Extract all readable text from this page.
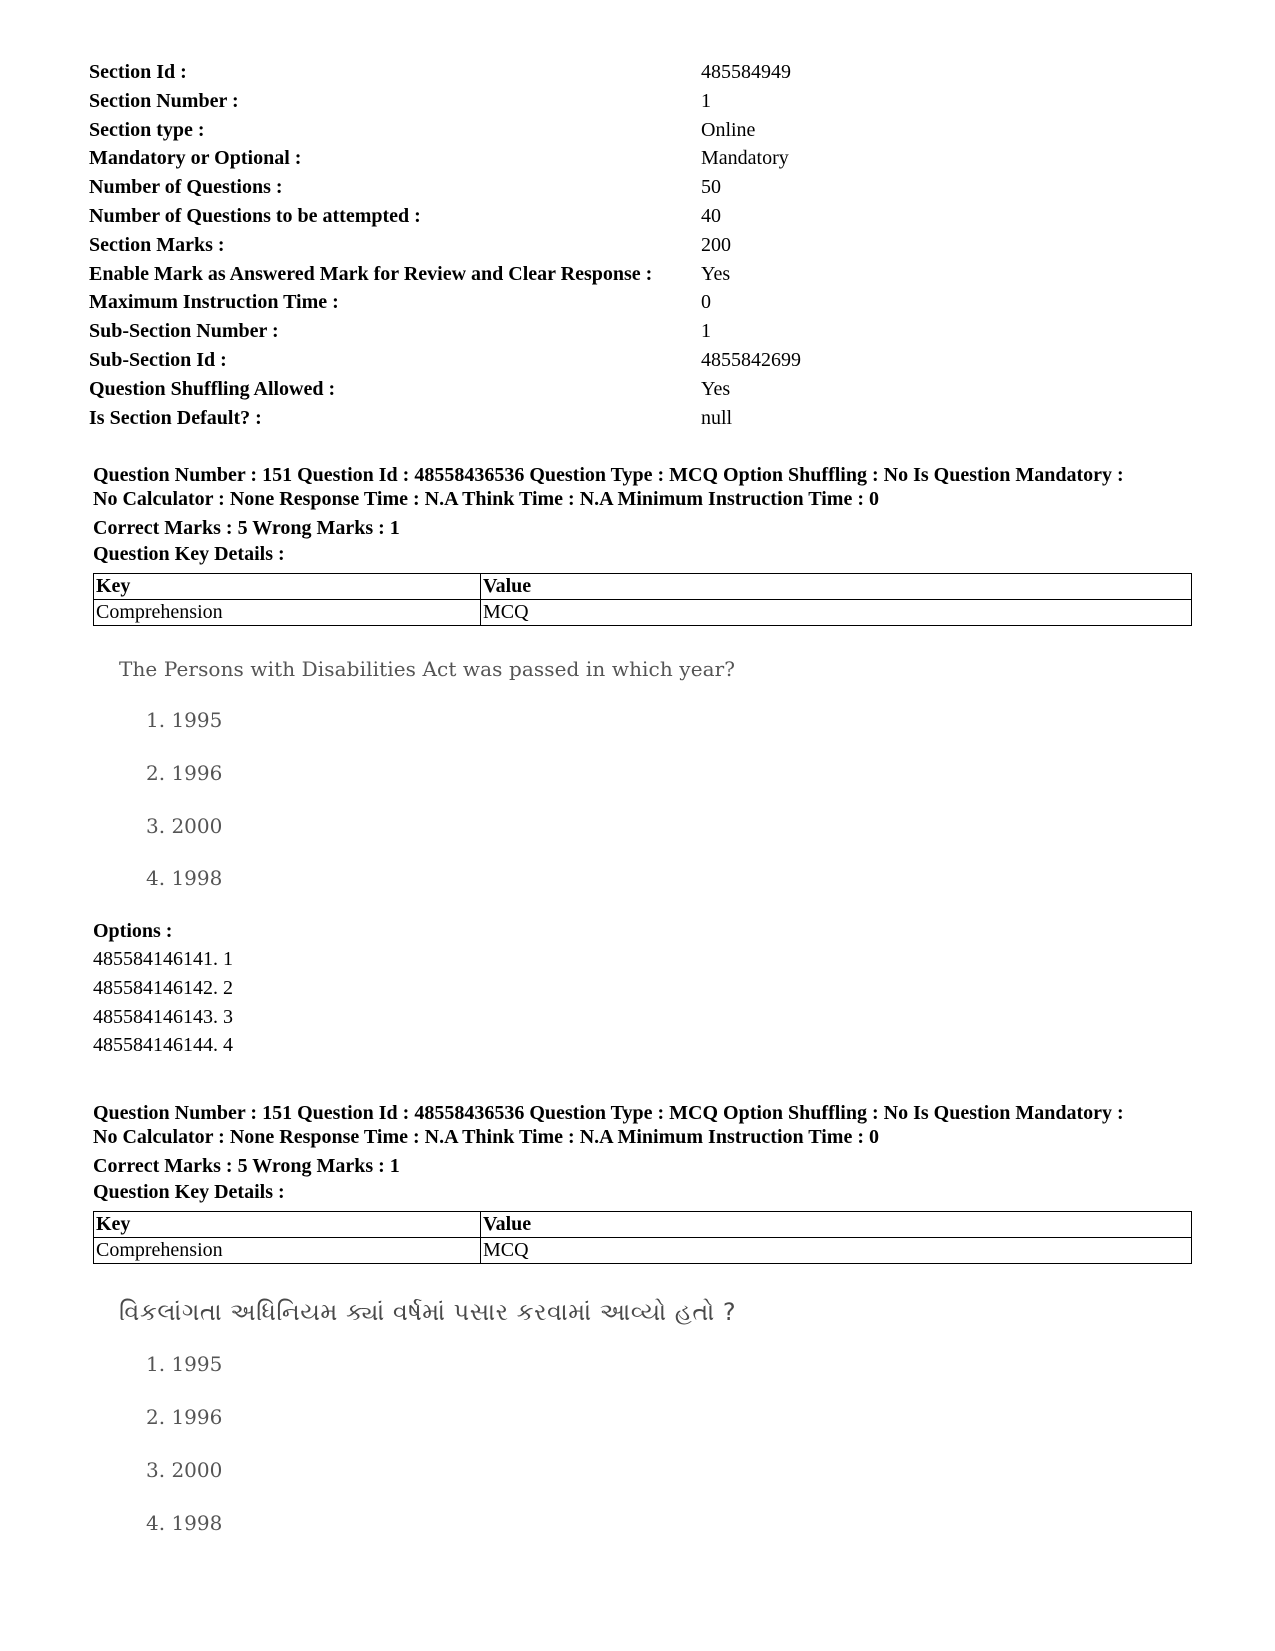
Section Id :	485584949
Section Number :	1
Section type :	Online
Mandatory or Optional :	Mandatory
Number of Questions :	50
Number of Questions to be attempted :	40
Section Marks :	200
Enable Mark as Answered Mark for Review and Clear Response :	Yes
Maximum Instruction Time :	0
Sub-Section Number :	1
Sub-Section Id :	4855842699
Question Shuffling Allowed :	Yes
Is Section Default? :	null
Question Number : 151 Question Id : 48558436536 Question Type : MCQ Option Shuffling : No Is Question Mandatory :
No Calculator : None Response Time : N.A Think Time : N.A Minimum Instruction Time : 0
Correct Marks : 5 Wrong Marks : 1
Question Key Details :
Key	Value
Comprehension	MCQ
The Persons with Disabilities Act was passed in which year?
1. 1995
2. 1996
3. 2000
4. 1998
Options :
485584146141. 1
485584146142. 2
485584146143. 3
485584146144. 4
Question Number : 151 Question Id : 48558436536 Question Type : MCQ Option Shuffling : No Is Question Mandatory :
No Calculator : None Response Time : N.A Think Time : N.A Minimum Instruction Time : 0
Correct Marks : 5 Wrong Marks : 1
Question Key Details :
Key	Value
Comprehension	MCQ
વિકલાંગતા અધિનિયમ ક્યાં વર્ષમાં પસાર કરવામાં આવ્યો હતો ?
1. 1995
2. 1996
3. 2000
4. 1998
